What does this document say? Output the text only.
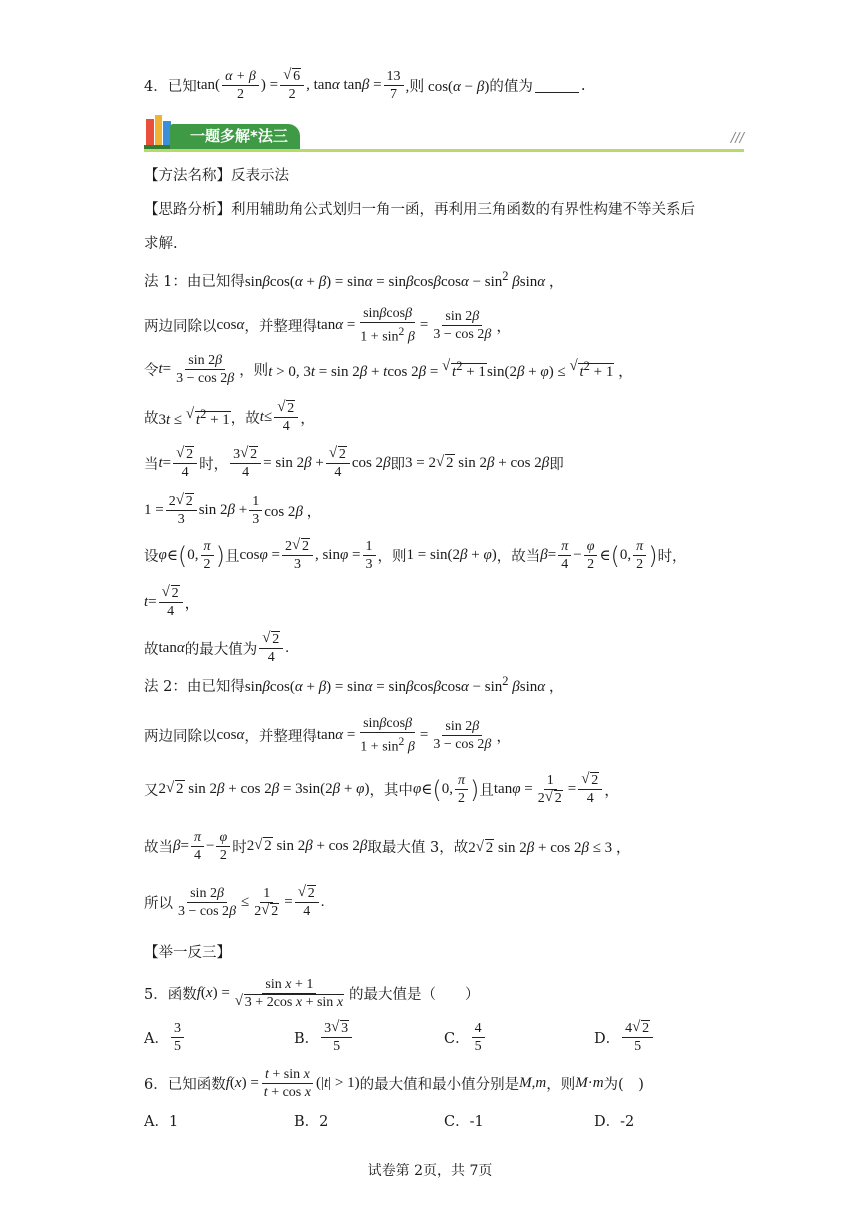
4．已知 $\tan( \frac{\alpha + \beta}{2}$ ) = √ $\frac{6}{2}$ , tanα $\tan\beta = \frac{13}{7}$ ,则 cos(α − β) 的值为	.
一题多解*法三	///
【方法名称】反表示法
【思路分析】利用辅助角公式划归一角一函，再利用三角函数的有界性构建不等关系后
求解.
法 1：由已知得 $\sin\beta\cos(\alpha + \beta) = \sin\alpha = \sin\beta\cos\beta\cos\alpha - \sin^2 \beta\sin\alpha$ ，
两边同除以 cosα ，并整理得 $\tan\alpha = \frac{\sin\beta\cos\beta}{1 + \sin^2 \beta} = \frac{\sin 2\beta}{3 - \cos 2\beta}$ ，
令 $t = \frac{\sin 2\beta}{3 - \cos 2\beta}$ ，则 t > 0, 3t = sin 2β + tcos 2β = √ $t^2 + 1\sin(2\beta + \varphi)$ ≤ √ $t^2 + 1$ ，
故 3t ≤ √ $t^2 + 1$ ，故 t ≤ √ $\frac{2}{4}$ ，
当 t = √ $\frac{2}{4}$ 时， $\frac{3 √ 2}{4} = \sin 2\beta$ + √ $\frac{2}{4}$ cos 2β 即 3 = 2 √ 2 sin 2β + cos 2β 即
$1 = \frac{2 √ 2}{3}$ $\sin 2\beta + \frac{1}{3}$ cos 2β ，
设 φ ∈ ( 0, $\frac{\pi}{2}$ ) 且 $\cos\varphi = \frac{2 √ 2}{3}$ , $\sin\varphi = \frac{1}{3}$ ，则 1 = sin(2β + φ) ，故当 $\beta = \frac{\pi}{4} - \frac{\varphi}{2}$ ∈ ( 0, $\frac{\pi}{2}$ ) 时，
t = √ $\frac{2}{4}$ ，
故 tanα 的最大值为 √ $\frac{2}{4}$ .
法 2：由已知得 $\sin\beta\cos(\alpha + \beta) = \sin\alpha = \sin\beta\cos\beta\cos\alpha - \sin^2 \beta\sin\alpha$ ，
两边同除以 cosα ，并整理得 $\tan\alpha = \frac{\sin\beta\cos\beta}{1 + \sin^2 \beta} = \frac{\sin 2\beta}{3 - \cos 2\beta}$ ，
又 2 √ 2 sin 2β + cos 2β = 3sin(2β + φ) ，其中 φ ∈ ( 0, $\frac{\pi}{2}$ ) 且 $\tan\varphi = \frac{1}{2 √ 2}$ = √ $\frac{2}{4}$ ，
故当 $\beta = \frac{\pi}{4} - \frac{\varphi}{2}$ 时 2 √ 2 sin 2β + cos 2β 取最大值 3，故 2 √ 2 sin 2β + cos 2β ≤ 3 ，
所以 $\frac{\sin 2\beta}{3 - \cos 2\beta} \le \frac{1}{2 √ 2}$ = √ $\frac{2}{4}$ .
【举一反三】
5．函数 f (x) = sin x + 1
√ 3 + 2cos x + sin x 的最大值是（　　）
A． $\frac{3}{5}$	B． $\frac{3 √ 3}{5}$	C． $\frac{4}{5}$	D． $\frac{4 √ 2}{5}$
6．已知函数 f $(x) = \frac{\text{t + sin x}}{\text{t + cos x}} (|t| > 1)$ 的最大值和最小值分别是 M , m ，则 M · m 为(　)
A．1	B．2	C．-1	D．-2
试卷第 2页，共 7页
